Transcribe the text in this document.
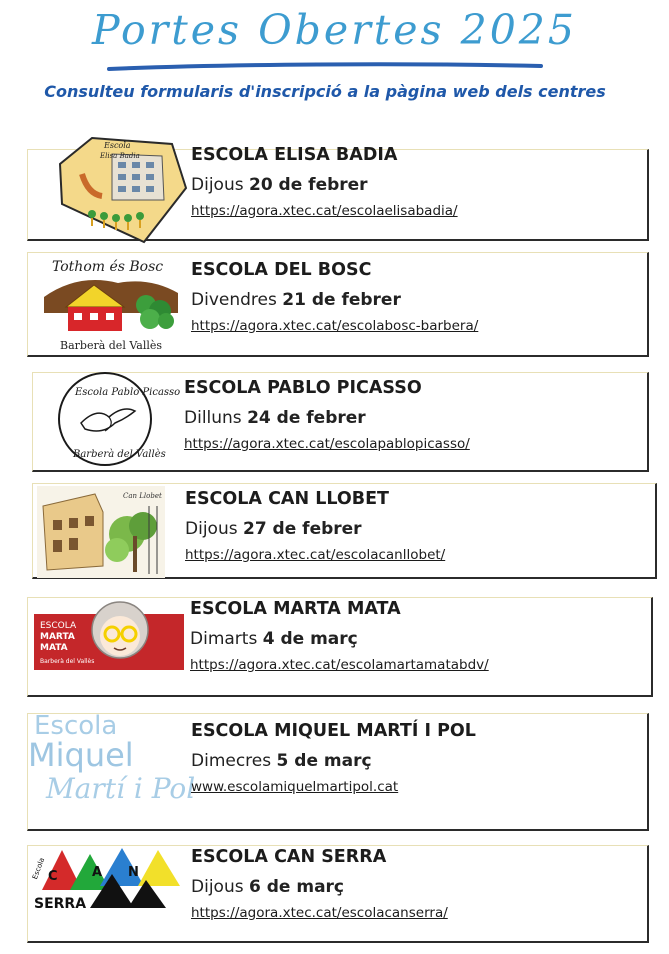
Portes Obertes 2025
Consulteu formularis d'inscripció a la pàgina web dels centres
Escola
Elisa Badia	ESCOLA ELISA BADIA
Dijous 20 de febrer
https://agora.xtec.cat/escolaelisabadia/
Tothom és Bosc
Barberà del Vallès
ESCOLA DEL BOSC
Divendres 21 de febrer
https://agora.xtec.cat/escolabosc-barbera/
Escola Pablo Picasso
Barberà del Vallès
ESCOLA PABLO PICASSO
Dilluns 24 de febrer
https://agora.xtec.cat/escolapablopicasso/
Can Llobet ESCOLA CAN LLOBET
Dijous 27 de febrer
https://agora.xtec.cat/escolacanllobet/
ESCOLA
MARTA
MATA
Barberà del Vallès
ESCOLA MARTA MATA
Dimarts 4 de març
https://agora.xtec.cat/escolamartamatabdv/
Escola
Miquel
Martí i Pol
ESCOLA MIQUEL MARTÍ I POL
Dimecres 5 de març
www.escolamiquelmartipol.cat
C	A N
SERRA
Escola	ESCOLA CAN SERRA
Dijous 6 de març
https://agora.xtec.cat/escolacanserra/
